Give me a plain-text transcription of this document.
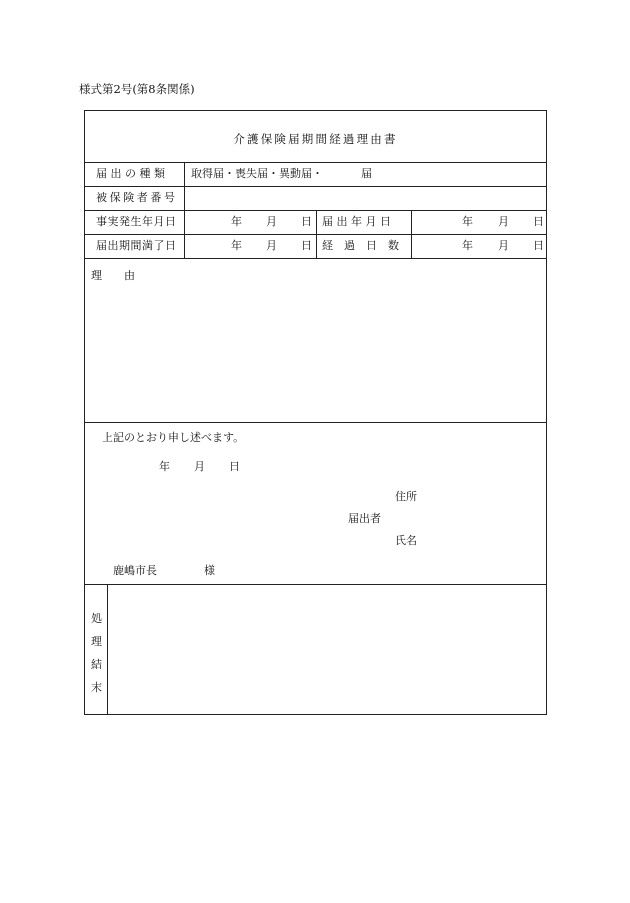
様式第2号(第8条関係)
介護保険届期間経過理由書
届 出 の 種 類 取得届・喪失届・異動届・	届
被保険者番号
事実発生年月日	年 月 日 届 出 年 月 日	年 月 日
届出期間満了日	年 月 日 経　過　日　数	年 月 日
理　　由
上記のとおり申し述べます。
年 月 日
住所
届出者
氏名
鹿嶋市長	様
処
理
結
末
